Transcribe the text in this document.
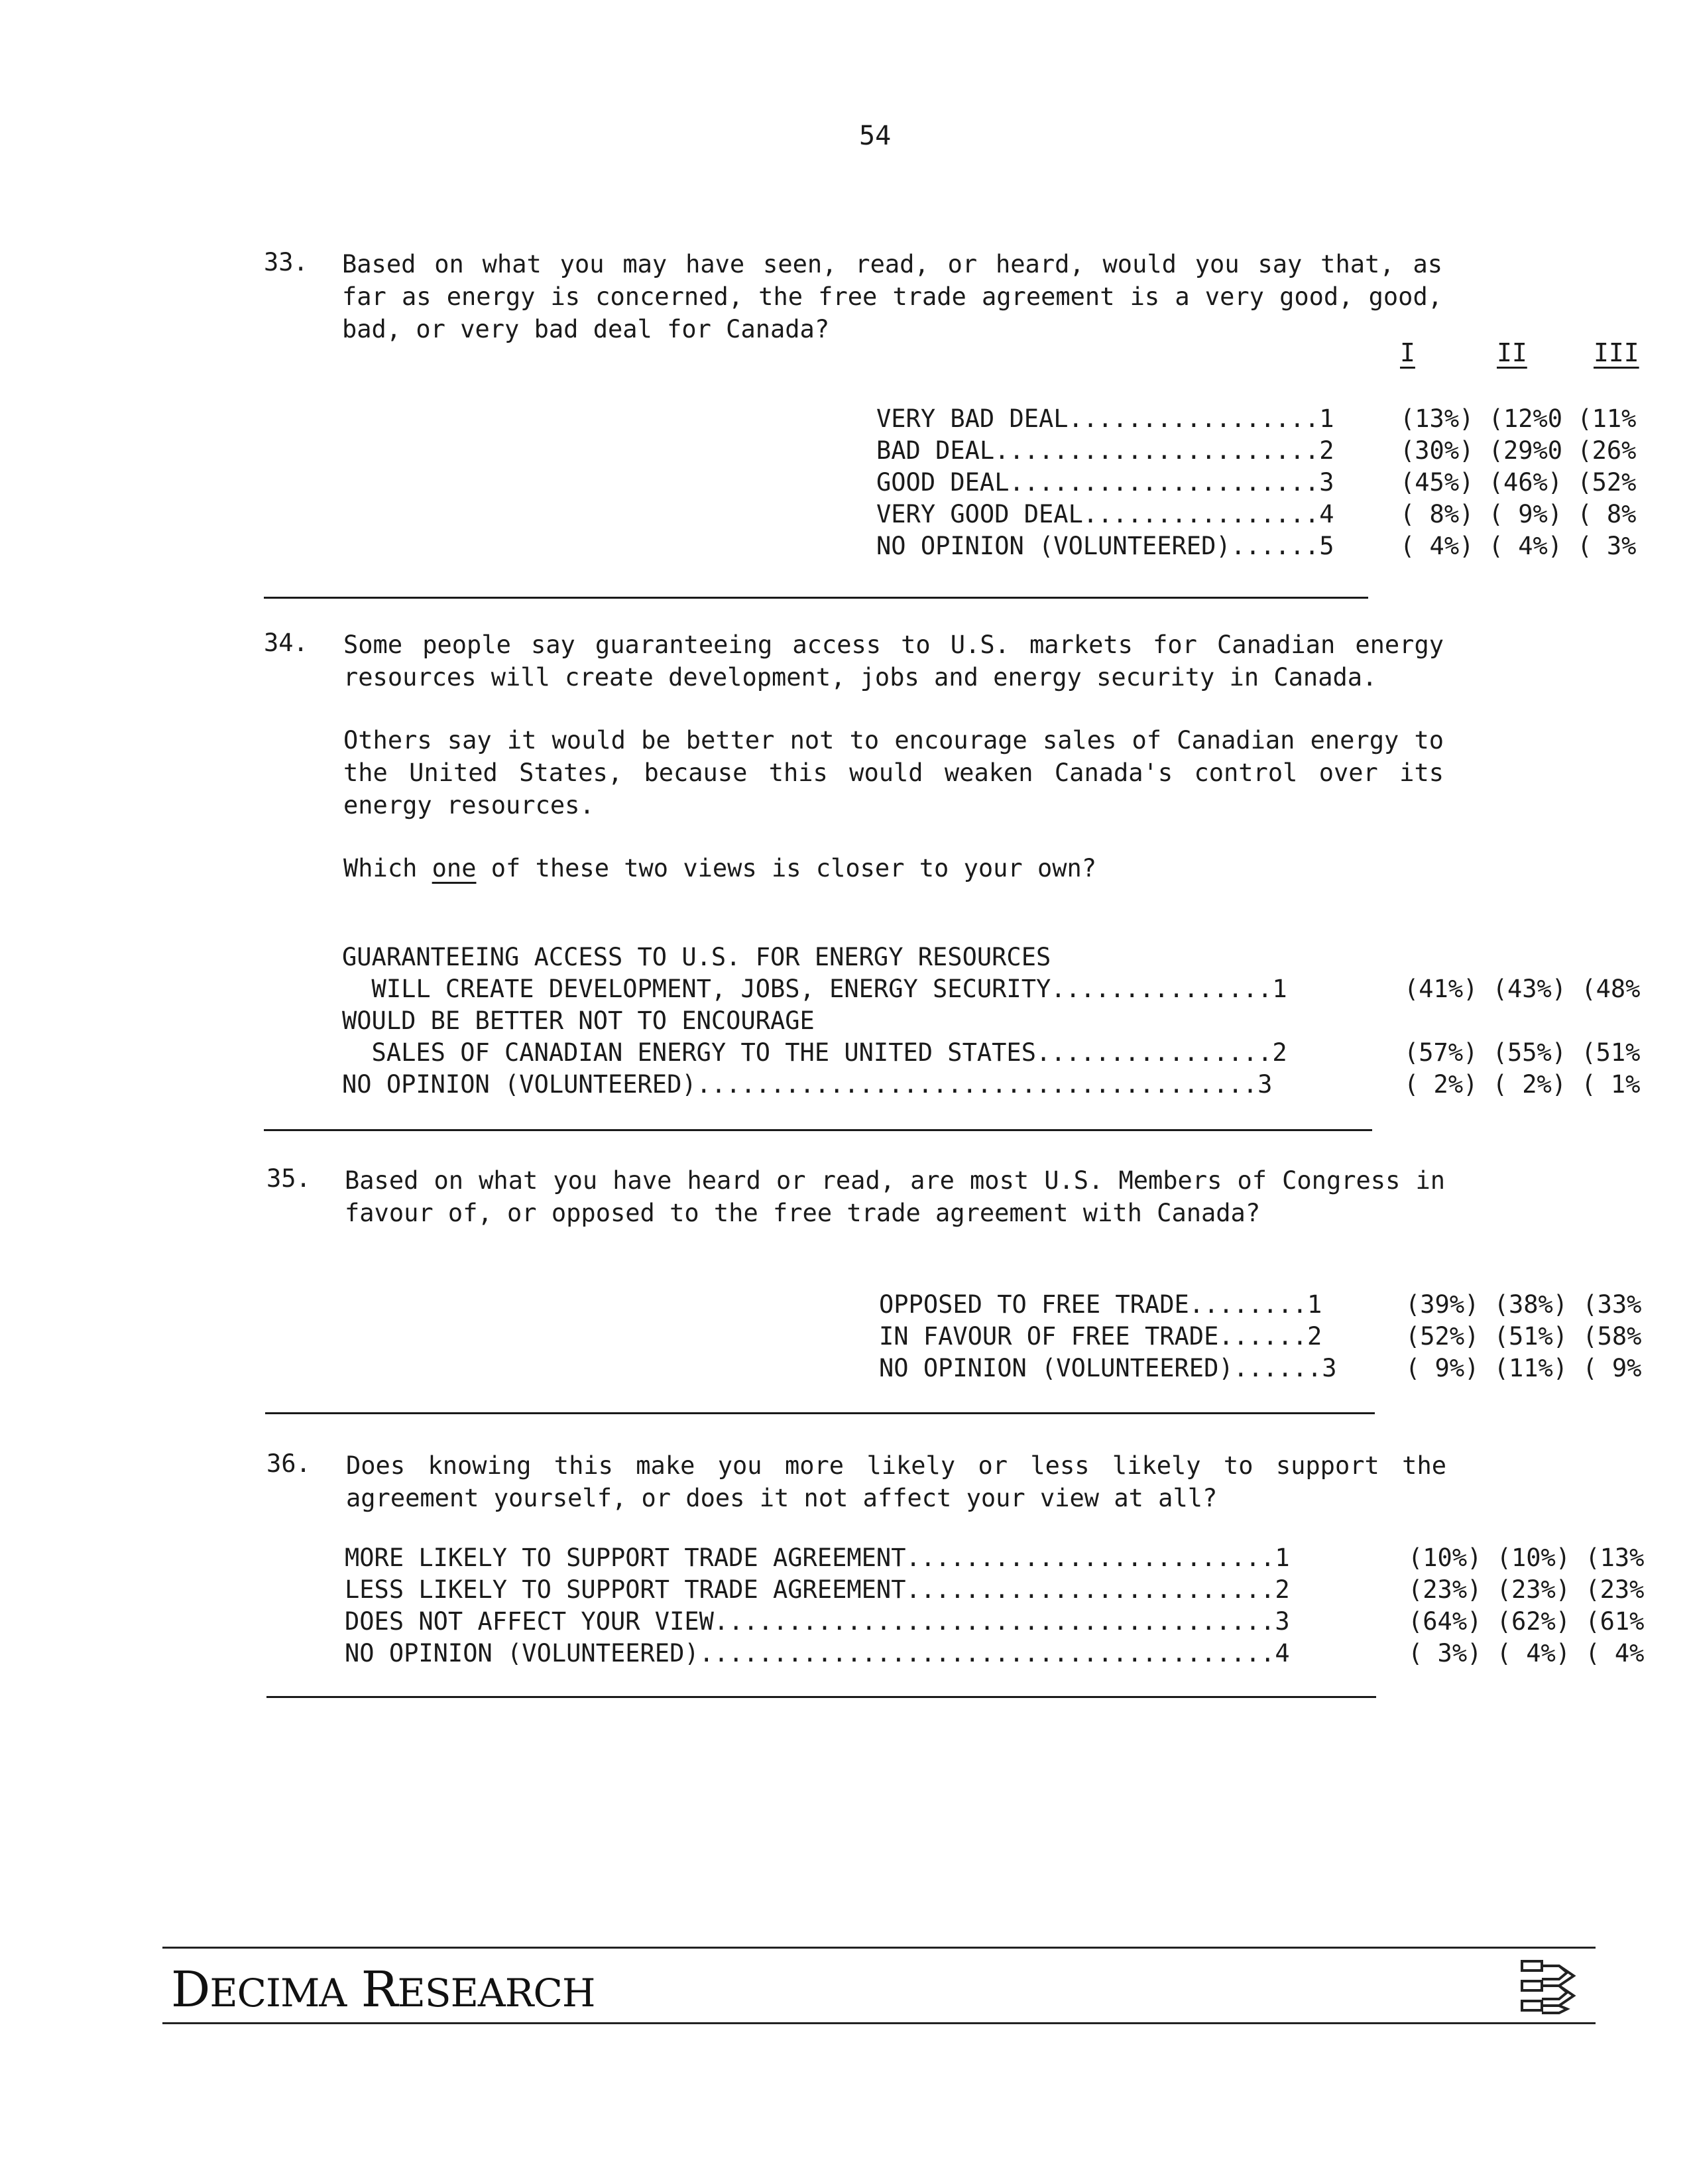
54
I	II	III
33. Based on what you may have seen, read, or heard, would you say that, as far as energy is concerned, the free trade agreement is a very good, good, bad, or very bad deal for Canada?
VERY BAD DEAL.................1
BAD DEAL......................2
GOOD DEAL.....................3
VERY GOOD DEAL................4
NO OPINION (VOLUNTEERED)......5
(13%) (12%0 (11%
(30%) (29%0 (26%
(45%) (46%) (52%
( 8%) ( 9%) ( 8%
( 4%) ( 4%) ( 3%
34. Some people say guaranteeing access to U.S. markets for Canadian energy resources will create development, jobs and energy security in Canada.

Others say it would be better not to encourage sales of Canadian energy to the United States, because this would weaken Canada's control over its energy resources.

Which one of these two views is closer to your own?

GUARANTEEING ACCESS TO U.S. FOR ENERGY RESOURCES
WILL CREATE DEVELOPMENT, JOBS, ENERGY SECURITY...............1
WOULD BE BETTER NOT TO ENCOURAGE
SALES OF CANADIAN ENERGY TO THE UNITED STATES................2
NO OPINION (VOLUNTEERED)......................................3
(41%) (43%) (48%
(57%) (55%) (51%
( 2%) ( 2%) ( 1%
35. Based on what you have heard or read, are most U.S. Members of Congress in favour of, or opposed to the free trade agreement with Canada?
OPPOSED TO FREE TRADE........1
IN FAVOUR OF FREE TRADE......2
NO OPINION (VOLUNTEERED)......3
(39%) (38%) (33%
(52%) (51%) (58%
( 9%) (11%) ( 9%
36. Does knowing this make you more likely or less likely to support the agreement yourself, or does it not affect your view at all?
MORE LIKELY TO SUPPORT TRADE AGREEMENT.........................1
LESS LIKELY TO SUPPORT TRADE AGREEMENT.........................2
DOES NOT AFFECT YOUR VIEW......................................3
NO OPINION (VOLUNTEERED).......................................4
(10%) (10%) (13%
(23%) (23%) (23%
(64%) (62%) (61%
( 3%) ( 4%) ( 4%
DECIMA RESEARCH
